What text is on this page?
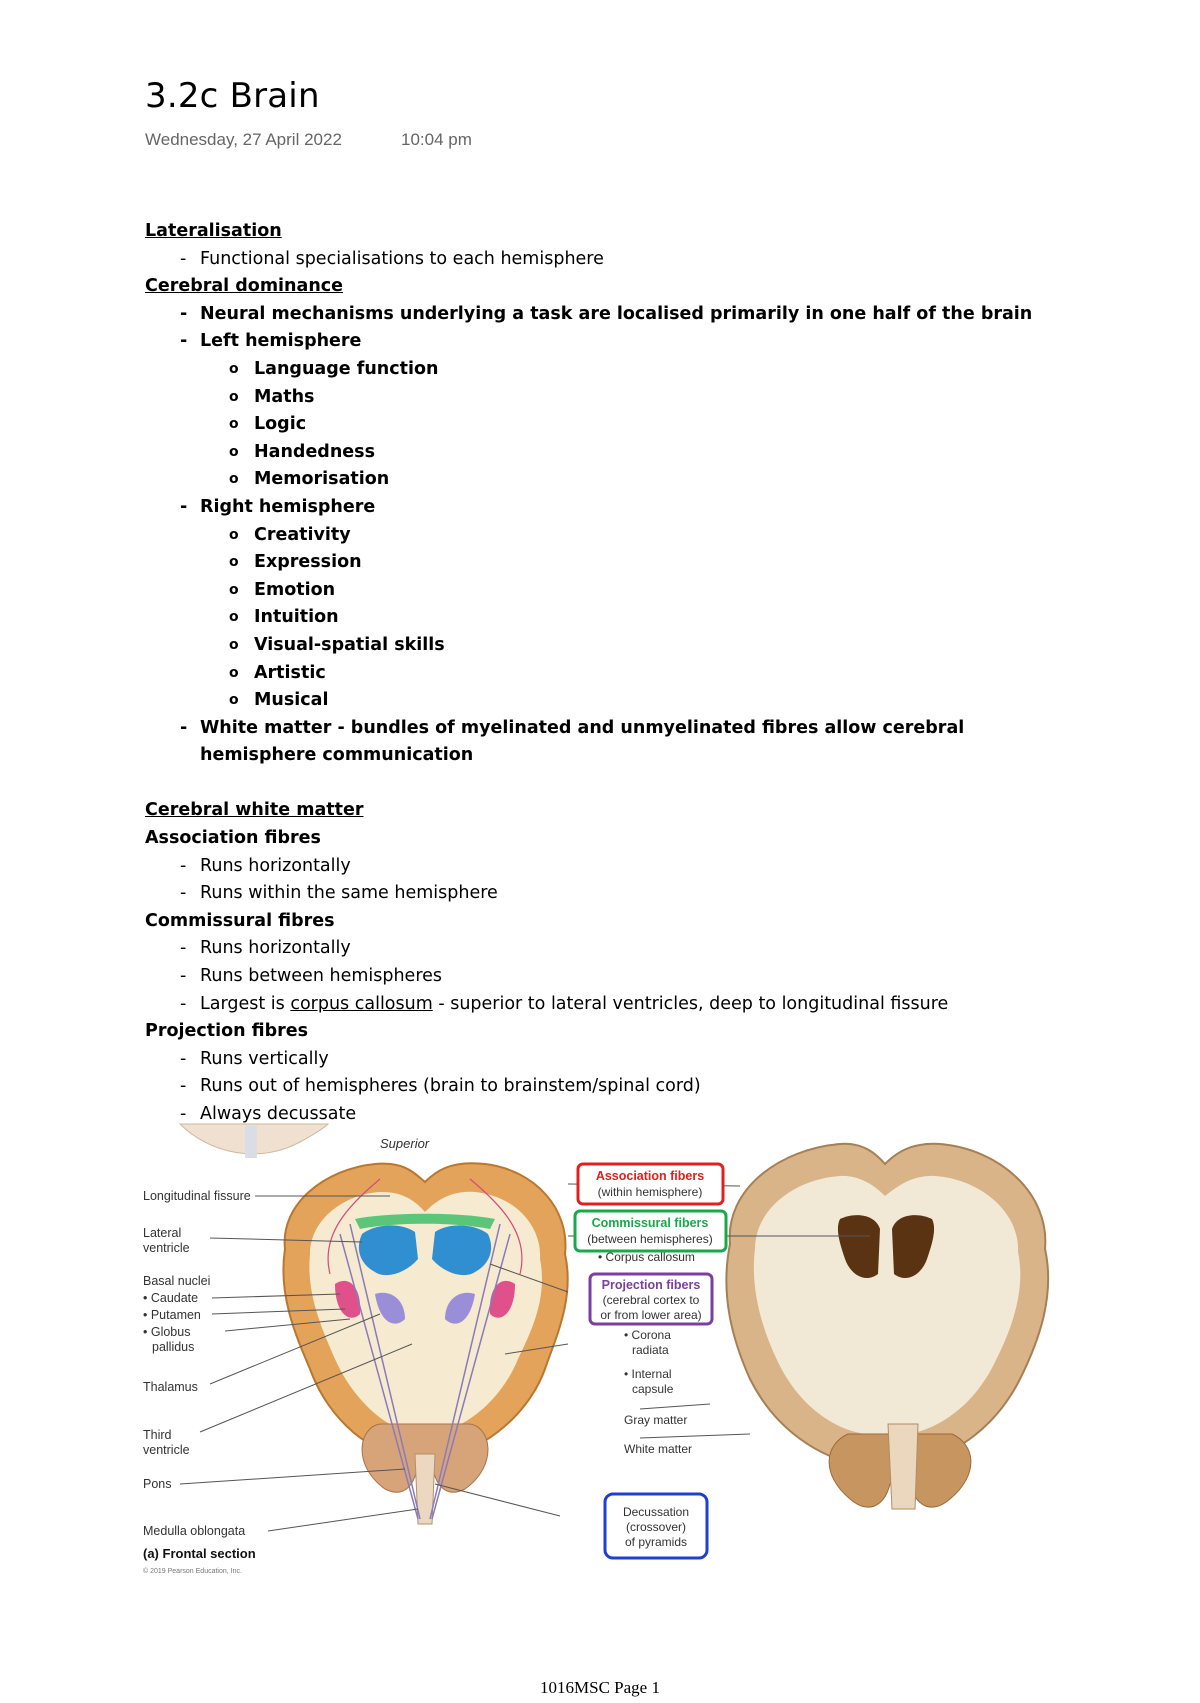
3.2c Brain
Wednesday, 27 April 2022	10:04 pm
Lateralisation
- Functional specialisations to each hemisphere
Cerebral dominance
- Neural mechanisms underlying a task are localised primarily in one half of the brain
- Left hemisphere
o Language function
o Maths
o Logic
o Handedness
o Memorisation
- Right hemisphere
o Creativity
o Expression
o Emotion
o Intuition
o Visual-spatial skills
o Artistic
o Musical
- White matter - bundles of myelinated and unmyelinated fibres allow cerebral hemisphere communication
Cerebral white matter
Association fibres
- Runs horizontally
- Runs within the same hemisphere
Commissural fibres
- Runs horizontally
- Runs between hemispheres
- Largest is corpus callosum - superior to lateral ventricles, deep to longitudinal fissure
Projection fibres
- Runs vertically
- Runs out of hemispheres (brain to brainstem/spinal cord)
- Always decussate
Superior
Longitudinal fissure
Lateral
ventricle
Basal nuclei
• Caudate
• Putamen
• Globus
pallidus
Thalamus
Third
ventricle
Pons
Medulla oblongata
Association fibers
(within hemisphere)
Commissural fibers
(between hemispheres)
• Corpus callosum
Projection fibers
(cerebral cortex to
or from lower area)
• Corona
radiata
• Internal
capsule
Gray matter
White matter
Decussation
(crossover)
of pyramids
(a) Frontal section
© 2019 Pearson Education, Inc.
1016MSC Page 1
